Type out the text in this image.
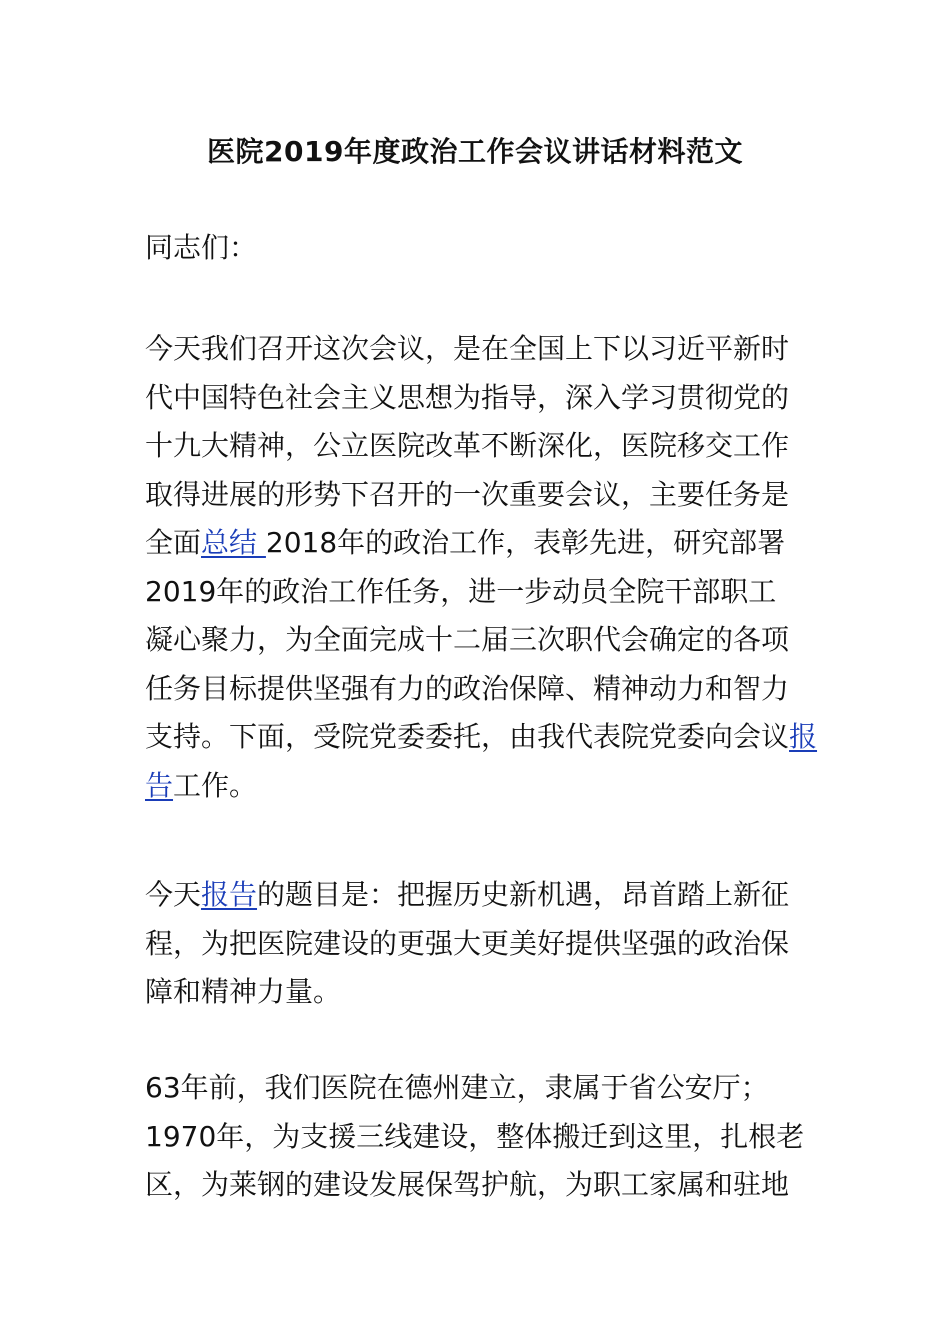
医院2019年度政治工作会议讲话材料范文
同志们：
今天我们召开这次会议，是在全国上下以习近平新时
代中国特色社会主义思想为指导，深入学习贯彻党的
十九大精神，公立医院改革不断深化，医院移交工作
取得进展的形势下召开的一次重要会议，主要任务是
全面总结 2018年的政治工作，表彰先进，研究部署
2019年的政治工作任务，进一步动员全院干部职工
凝心聚力，为全面完成十二届三次职代会确定的各项
任务目标提供坚强有力的政治保障、精神动力和智力
支持。下面，受院党委委托，由我代表院党委向会议报
告工作。
今天报告的题目是：把握历史新机遇，昂首踏上新征
程，为把医院建设的更强大更美好提供坚强的政治保
障和精神力量。
63年前，我们医院在德州建立，隶属于省公安厅；
1970年，为支援三线建设，整体搬迁到这里，扎根老
区，为莱钢的建设发展保驾护航，为职工家属和驻地
